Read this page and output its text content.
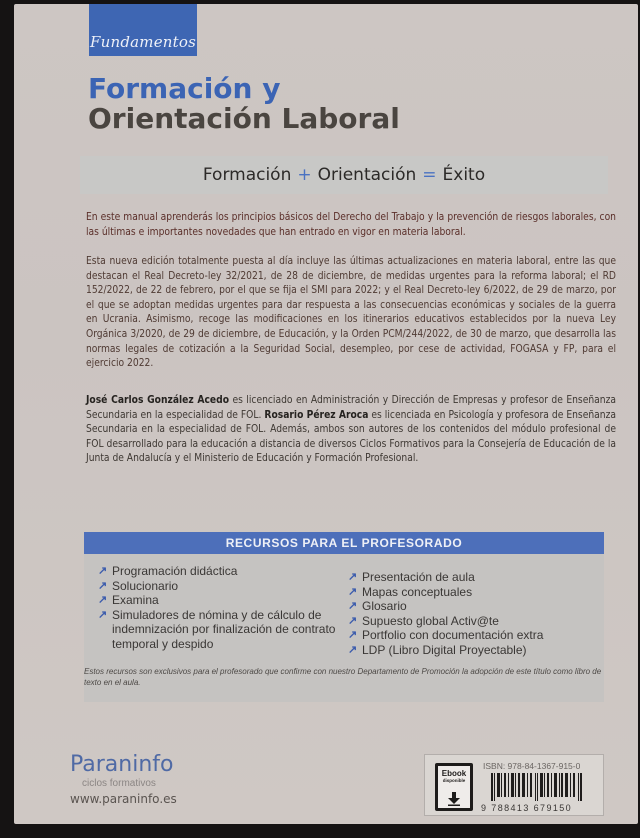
Fundamentos
Formación y
Orientación Laboral
Formación + Orientación = Éxito

En este manual aprenderás los principios básicos del Derecho del Trabajo y la prevención de riesgos laborales, con las últimas e importantes novedades que han entrado en vigor en materia laboral.

Esta nueva edición totalmente puesta al día incluye las últimas actualizaciones en materia laboral, entre las que destacan el Real Decreto-ley 32/2021, de 28 de diciembre, de medidas urgentes para la reforma laboral; el RD 152/2022, de 22 de febrero, por el que se fija el SMI para 2022; y el Real Decreto-ley 6/2022, de 29 de marzo, por el que se adoptan medidas urgentes para dar respuesta a las consecuencias económicas y sociales de la guerra en Ucrania. Asimismo, recoge las modificaciones en los itinerarios educativos establecidos por la nueva Ley Orgánica 3/2020, de 29 de diciembre, de Educación, y la Orden PCM/244/2022, de 30 de marzo, que desarrolla las normas legales de cotización a la Seguridad Social, desempleo, por cese de actividad, FOGASA y FP, para el ejercicio 2022.

José Carlos González Acedo es licenciado en Administración y Dirección de Empresas y profesor de Enseñanza Secundaria en la especialidad de FOL. Rosario Pérez Aroca es licenciada en Psicología y profesora de Enseñanza Secundaria en la especialidad de FOL. Además, ambos son autores de los contenidos del módulo profesional de FOL desarrollado para la educación a distancia de diversos Ciclos Formativos para la Consejería de Educación de la Junta de Andalucía y el Ministerio de Educación y Formación Profesional.

RECURSOS PARA EL PROFESORADO
↗ Programación didáctica
↗ Solucionario
↗ Examina
↗ Simuladores de nómina y de cálculo de indemnización por finalización de contrato temporal y despido
↗ Presentación de aula
↗ Mapas conceptuales
↗ Glosario
↗ Supuesto global Activ@te
↗ Portfolio con documentación extra
↗ LDP (Libro Digital Proyectable)

Estos recursos son exclusivos para el profesorado que confirme con nuestro Departamento de Promoción la adopción de este título como libro de texto en el aula.

Paraninfo
ciclos formativos
www.paraninfo.es
Ebook
disponible
ISBN: 978-84-1367-915-0
9 788413 679150
